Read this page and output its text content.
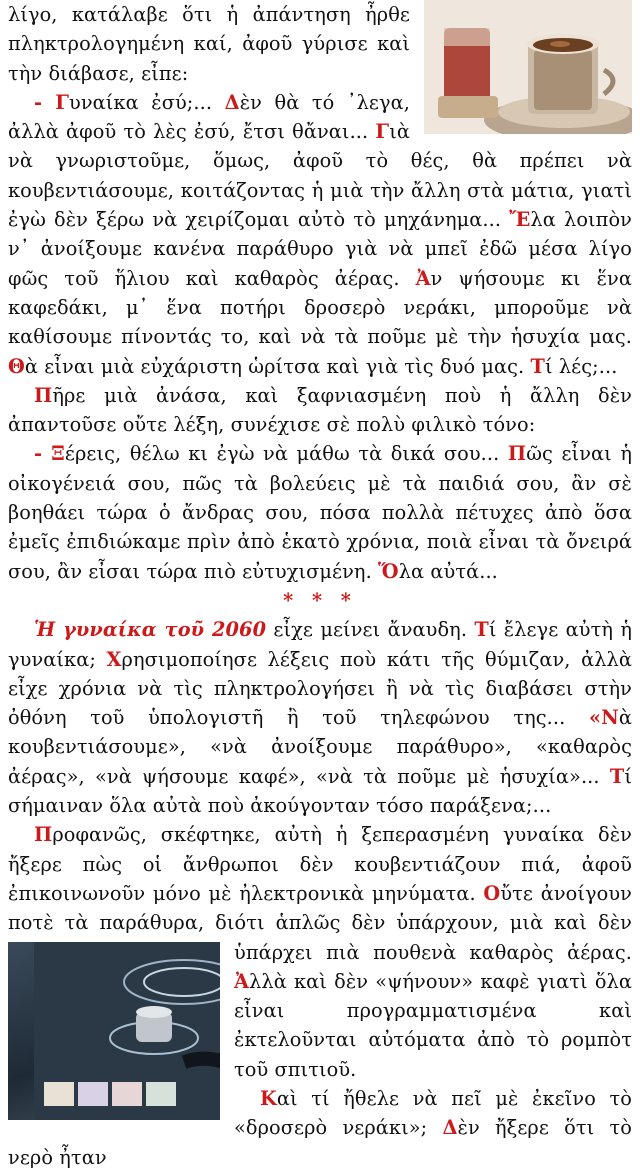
λίγο, κατάλαβε ὅτι ἡ ἀπάντηση ἦρθε πληκτρολογημένη καί, ἀφοῦ γύρισε καὶ τὴν διάβασε, εἶπε:

- Γυναίκα ἐσύ;... Δὲν θὰ τό ᾽λεγα, ἀλλὰ ἀφοῦ τὸ λὲς ἐσύ, ἔτσι θἄναι... Γιὰ νὰ γνωριστοῦμε, ὅμως, ἀφοῦ τὸ θές, θὰ πρέπει νὰ κουβεντιάσουμε, κοιτάζοντας ἡ μιὰ τὴν ἄλλη στὰ μάτια, γιατὶ ἐγὼ δὲν ξέρω νὰ χειρίζομαι αὐτὸ τὸ μηχάνημα... Ἔλα λοιπὸν ν᾽ ἀνοίξουμε κανένα παράθυρο γιὰ νὰ μπεῖ ἐδῶ μέσα λίγο φῶς τοῦ ἥλιου καὶ καθαρὸς ἀέρας. Ἀν ψήσουμε κι ἕνα καφεδάκι, μ᾽ ἕνα ποτήρι δροσερὸ νεράκι, μποροῦμε νὰ καθίσουμε πίνοντάς το, καὶ νὰ τὰ ποῦμε μὲ τὴν ἡσυχία μας. Θὰ εἶναι μιὰ εὐχάριστη ὡρίτσα καὶ γιὰ τὶς δυό μας. Τί λές;...

Πῆρε μιὰ ἀνάσα, καὶ ξαφνιασμένη ποὺ ἡ ἄλλη δὲν ἀπαντοῦσε οὔτε λέξη, συνέχισε σὲ πολὺ φιλικὸ τόνο:

- Ξέρεις, θέλω κι ἐγὼ νὰ μάθω τὰ δικά σου... Πῶς εἶναι ἡ οἰκογένειά σου, πῶς τὰ βολεύεις μὲ τὰ παιδιά σου, ἂν σὲ βοηθάει τώρα ὁ ἄνδρας σου, πόσα πολλὰ πέτυχες ἀπὸ ὅσα ἐμεῖς ἐπιδιώκαμε πρὶν ἀπὸ ἑκατὸ χρόνια, ποιὰ εἶναι τὰ ὄνειρά σου, ἂν εἶσαι τώρα πιὸ εὐτυχισμένη. Ὅλα αὐτά...

* * *

Ἡ γυναίκα τοῦ 2060 εἶχε μείνει ἄναυδη. Τί ἔλεγε αὐτὴ ἡ γυναίκα; Χρησιμοποίησε λέξεις ποὺ κάτι τῆς θύμιζαν, ἀλλὰ εἶχε χρόνια νὰ τὶς πληκτρολογήσει ἢ νὰ τὶς διαβάσει στὴν ὀθόνη τοῦ ὑπολογιστῆ ἢ τοῦ τηλεφώνου της... «Νὰ κουβεντιάσουμε», «νὰ ἀνοίξουμε παράθυρο», «καθαρὸς ἀέρας», «νὰ ψήσουμε καφέ», «νὰ τὰ ποῦμε μὲ ἡσυχία»... Τί σήμαιναν ὅλα αὐτὰ ποὺ ἀκούγονταν τόσο παράξενα;...

Προφανῶς, σκέφτηκε, αὐτὴ ἡ ξεπερασμένη γυναίκα δὲν ἤξερε πὼς οἱ ἄνθρωποι δὲν κουβεντιάζουν πιά, ἀφοῦ ἐπικοινωνοῦν μόνο μὲ ἠλεκτρονικὰ μηνύματα. Οὔτε ἀνοίγουν ποτὲ τὰ παράθυρα, διότι ἁπλῶς δὲν ὑπάρχουν, μιὰ καὶ δὲν ὑπάρχει πιὰ πουθενὰ καθαρὸς ἀέρας.
Ἀλλὰ καὶ δὲν «ψήνουν» καφὲ γιατὶ ὅλα εἶναι προγραμματισμένα καὶ ἐκτελοῦνται αὐτόματα ἀπὸ τὸ ρομπὸτ τοῦ σπιτιοῦ.

Καὶ τί ἤθελε νὰ πεῖ μὲ ἐκεῖνο τὸ «δροσερὸ νεράκι»; Δὲν ἤξερε ὅτι τὸ νερὸ ἦταν
